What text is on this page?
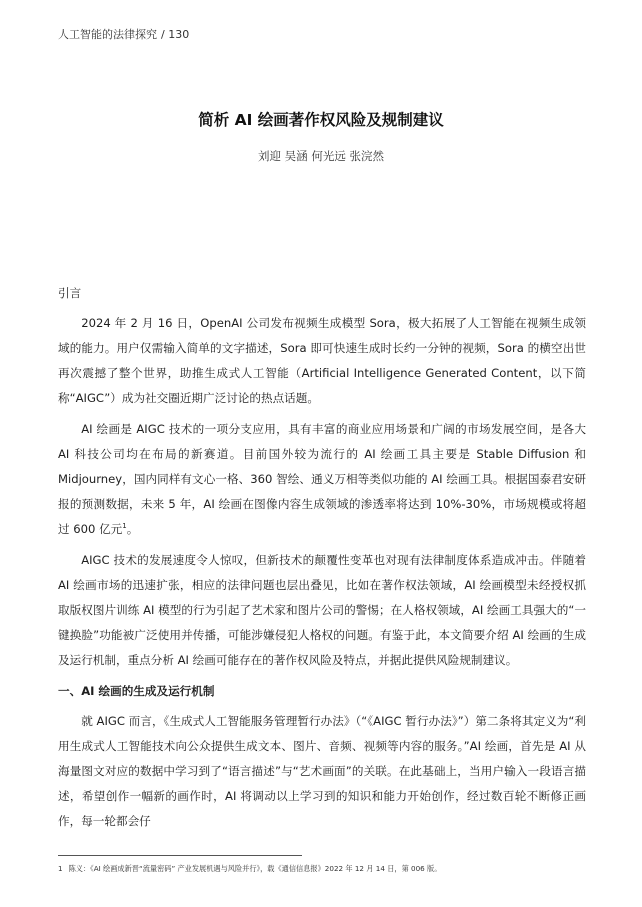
人工智能的法律探究 / 130
简析 AI 绘画著作权风险及规制建议
刘迎 吴涵 何光远 张浣然
引言

2024 年 2 月 16 日，OpenAI 公司发布视频生成模型 Sora，极大拓展了人工智能在视频生成领域的能力。用户仅需输入简单的文字描述，Sora 即可快速生成时长约一分钟的视频，Sora 的横空出世再次震撼了整个世界，助推生成式人工智能（Artificial Intelligence Generated Content，以下简称“AIGC”）成为社交圈近期广泛讨论的热点话题。

AI 绘画是 AIGC 技术的一项分支应用，具有丰富的商业应用场景和广阔的市场发展空间，是各大 AI 科技公司均在布局的新赛道。目前国外较为流行的 AI 绘画工具主要是 Stable Diffusion 和 Midjourney，国内同样有文心一格、360 智绘、通义万相等类似功能的 AI 绘画工具。根据国泰君安研报的预测数据，未来 5 年，AI 绘画在图像内容生成领域的渗透率将达到 10%-30%，市场规模或将超过 600 亿元$^1$。

AIGC 技术的发展速度令人惊叹，但新技术的颠覆性变革也对现有法律制度体系造成冲击。伴随着 AI 绘画市场的迅速扩张，相应的法律问题也层出叠见，比如在著作权法领域，AI 绘画模型未经授权抓取版权图片训练 AI 模型的行为引起了艺术家和图片公司的警惕；在人格权领域，AI 绘画工具强大的“一键换脸”功能被广泛使用并传播，可能涉嫌侵犯人格权的问题。有鉴于此，本文简要介绍 AI 绘画的生成及运行机制，重点分析 AI 绘画可能存在的著作权风险及特点，并据此提供风险规制建议。

一、AI 绘画的生成及运行机制

就 AIGC 而言，《生成式人工智能服务管理暂行办法》（“《AIGC 暂行办法》”）第二条将其定义为“利用生成式人工智能技术向公众提供生成文本、图片、音频、视频等内容的服务。”AI 绘画，首先是 AI 从海量图文对应的数据中学习到了“语言描述”与“艺术画面”的关联。在此基础上，当用户输入一段语言描述，希望创作一幅新的画作时，AI 将调动以上学习到的知识和能力开始创作，经过数百轮不断修正画作，每一轮都会仔

1 陈义：《AI 绘画成新晋“流量密码” 产业发展机遇与风险并行》，载《通信信息报》2022 年 12 月 14 日，第 006 版。
